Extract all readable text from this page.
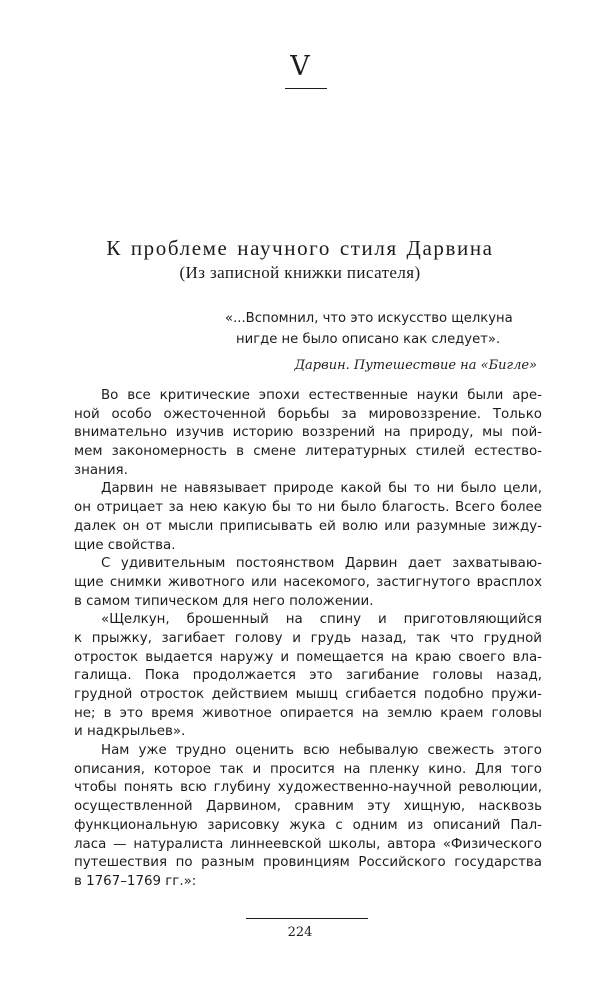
V
К проблеме научного стиля Дарвина
(Из записной книжки писателя)
«...Вспомнил, что это искусство щелкуна
нигде не было описано как следует».
Дарвин. Путешествие на «Бигле»
Во все критические эпохи естественные науки были аре-
ной особо ожесточенной борьбы за мировоззрение. Только
внимательно изучив историю воззрений на природу, мы пой-
мем закономерность в смене литературных стилей естество-
знания.
Дарвин не навязывает природе какой бы то ни было цели,
он отрицает за нею какую бы то ни было благость. Всего более
далек он от мысли приписывать ей волю или разумные зижду-
щие свойства.
С удивительным постоянством Дарвин дает захватываю-
щие снимки животного или насекомого, застигнутого врасплох
в самом типическом для него положении.
«Щелкун, брошенный на спину и приготовляющийся
к прыжку, загибает голову и грудь назад, так что грудной
отросток выдается наружу и помещается на краю своего вла-
галища. Пока продолжается это загибание головы назад,
грудной отросток действием мышц сгибается подобно пружи-
не; в это время животное опирается на землю краем головы
и надкрыльев».
Нам уже трудно оценить всю небывалую свежесть этого
описания, которое так и просится на пленку кино. Для того
чтобы понять всю глубину художественно-научной революции,
осуществленной Дарвином, сравним эту хищную, насквозь
функциональную зарисовку жука с одним из описаний Пал-
ласа — натуралиста линнеевской школы, автора «Физического
путешествия по разным провинциям Российского государства
в 1767–1769 гг.»:
224
